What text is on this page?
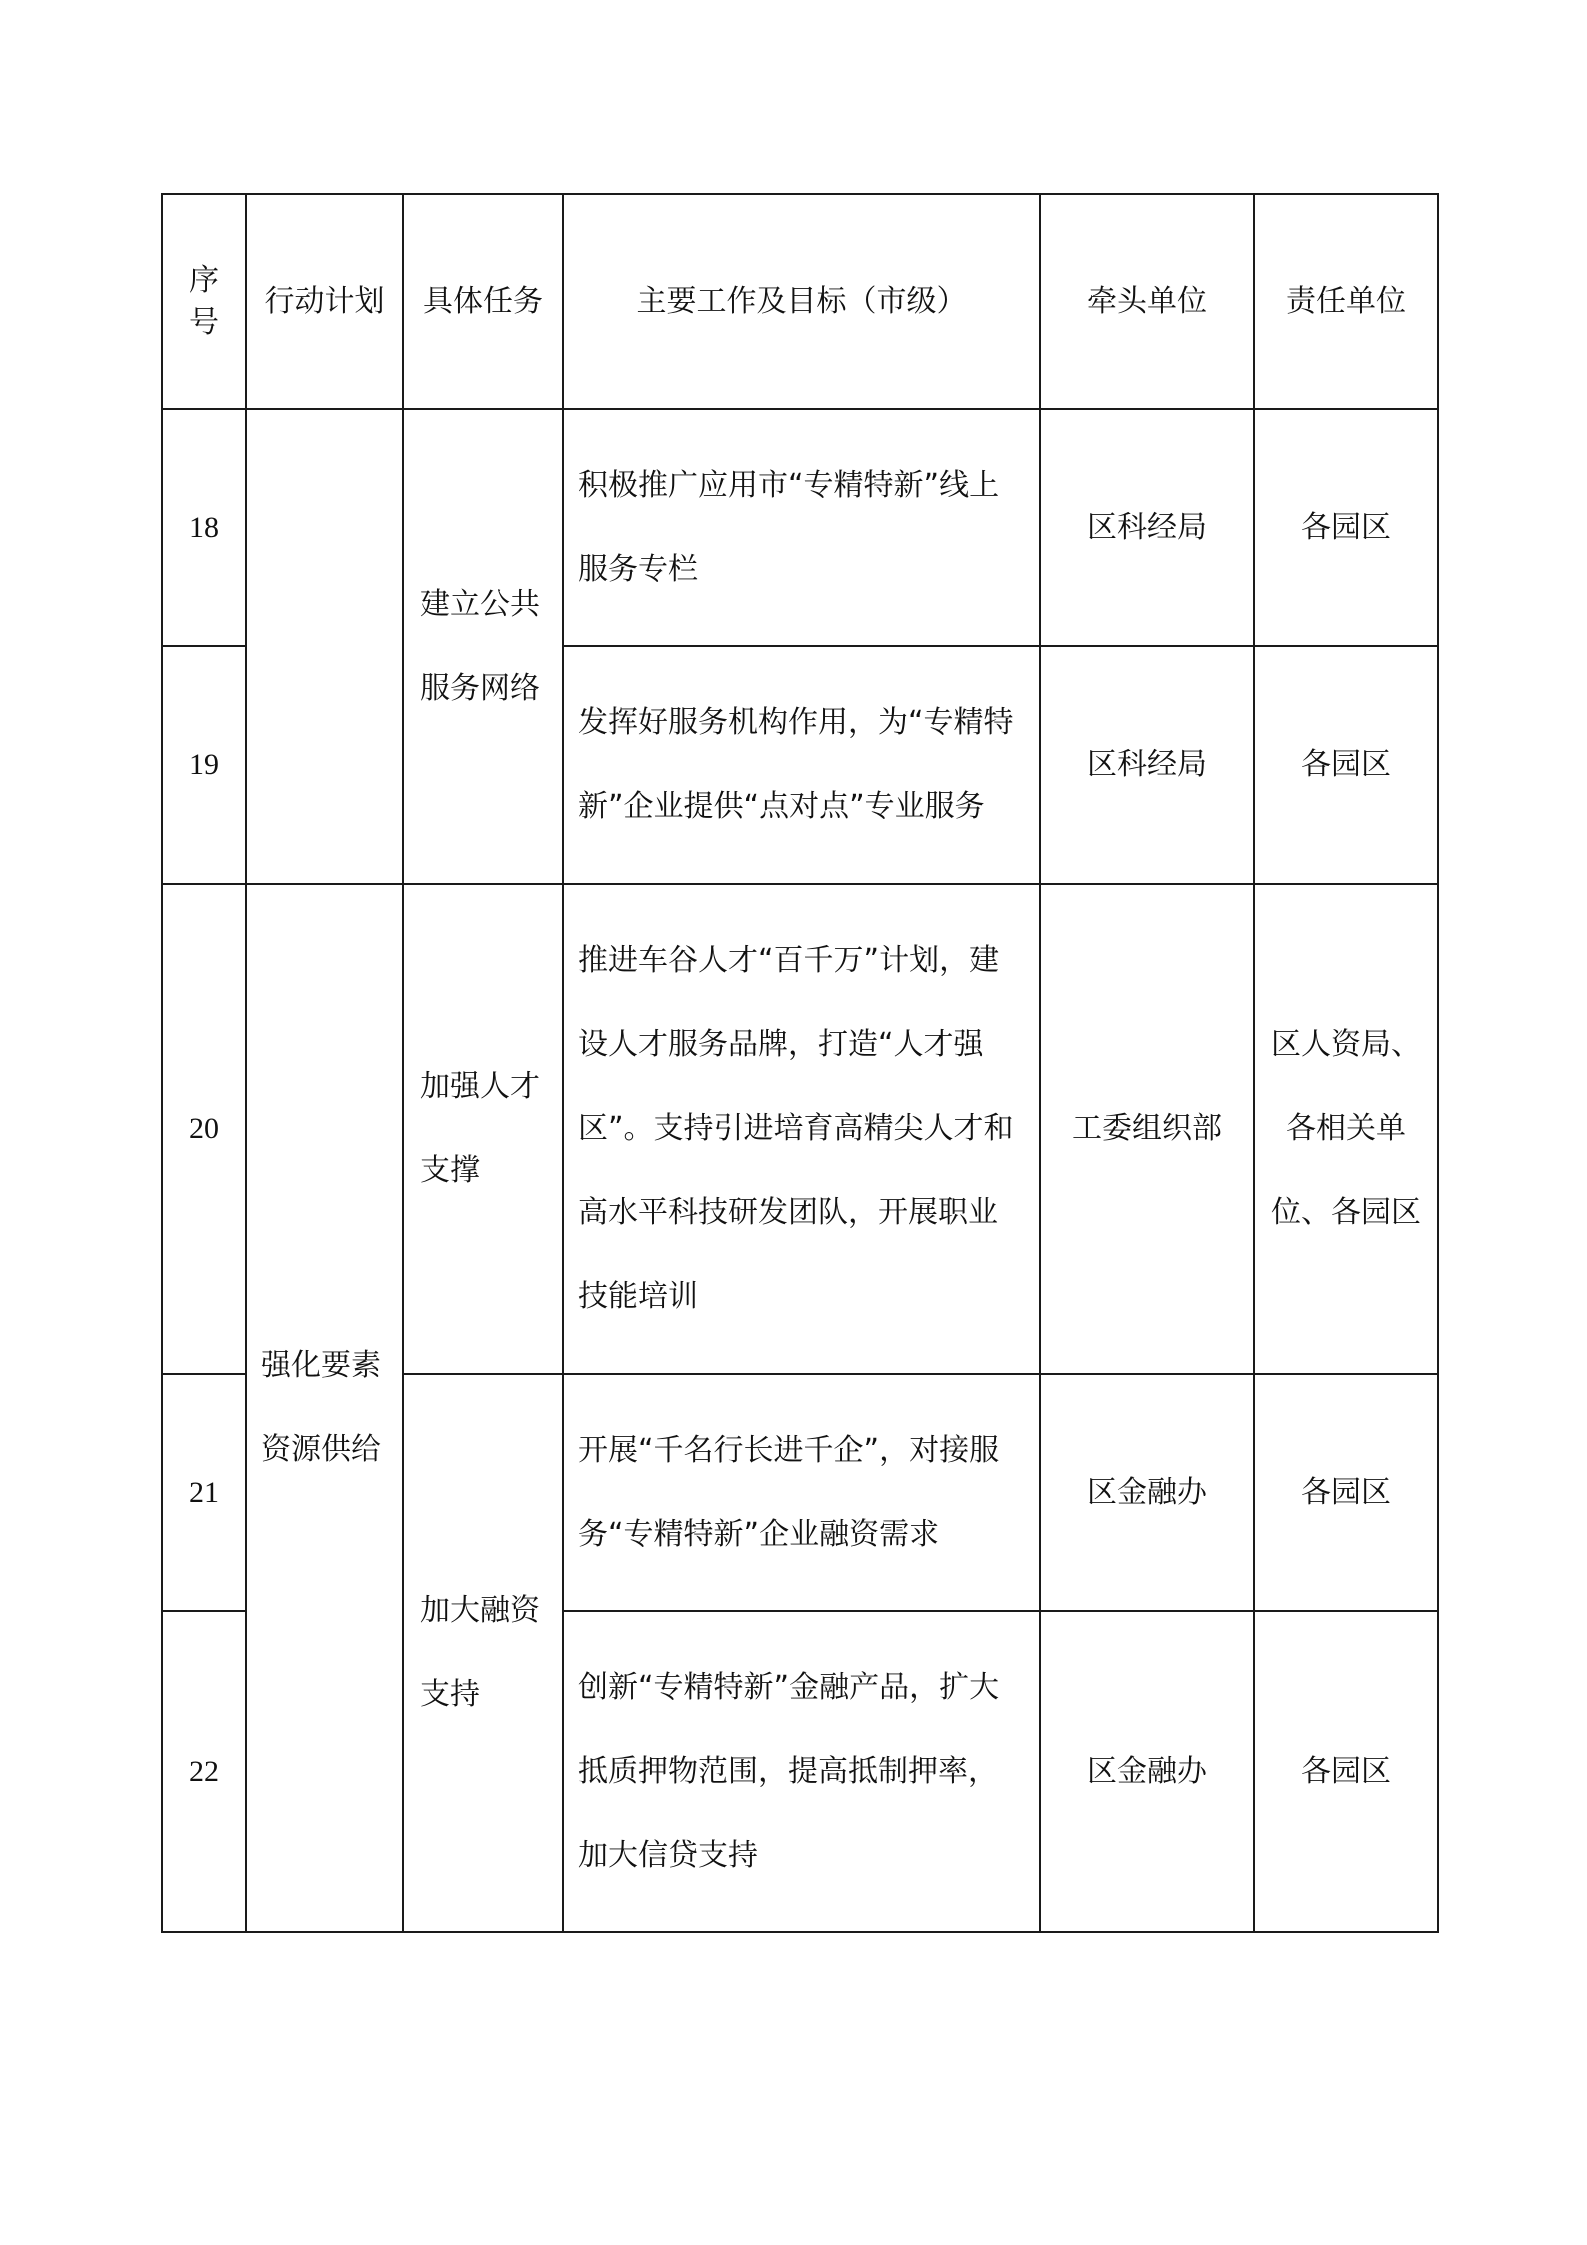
序号	行动计划	具体任务	主要工作及目标（市级）	牵头单位	责任单位
18		建立公共服务网络	积极推广应用市“专精特新”线上服务专栏	区科经局	各园区
19			发挥好服务机构作用，为“专精特新”企业提供“点对点”专业服务	区科经局	各园区
20	强化要素资源供给	加强人才支撑	推进车谷人才“百千万”计划，建设人才服务品牌，打造“人才强区”。支持引进培育高精尖人才和高水平科技研发团队，开展职业技能培训	工委组织部	区人资局、各相关单位、各园区
21		加大融资支持	开展“千名行长进千企”，对接服务“专精特新”企业融资需求	区金融办	各园区
22			创新“专精特新”金融产品，扩大抵质押物范围，提高抵制押率，加大信贷支持	区金融办	各园区
